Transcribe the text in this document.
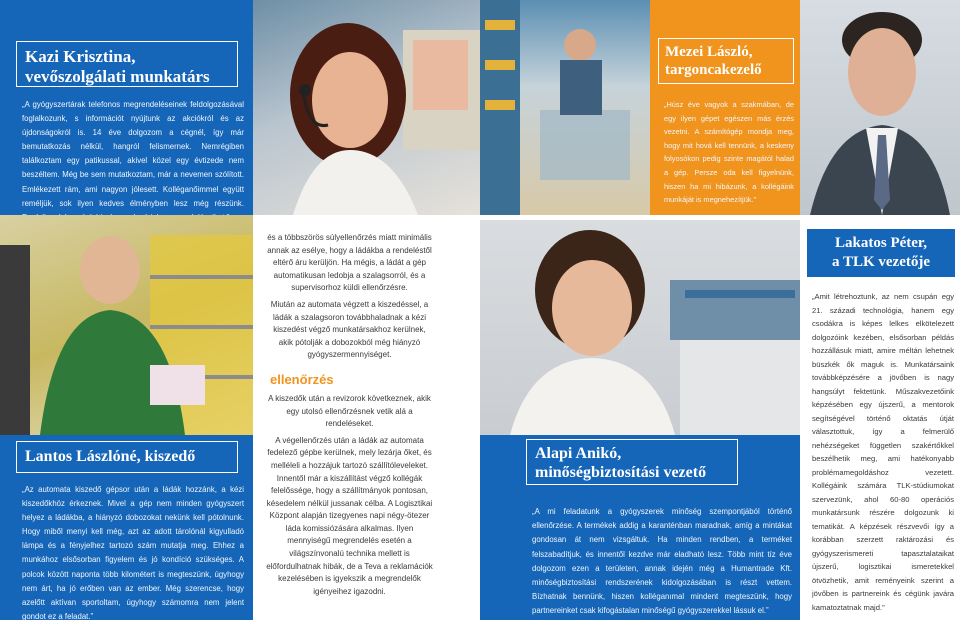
Kazi Krisztina,
vevőszolgálati munkatárs
„A gyógyszertárak telefonos megrendeléseinek feldolgozásával foglalkozunk, s információt nyújtunk az akciókról és az újdonságokról is. 14 éve dolgozom a cégnél, így már bemutatkozás nélkül, hangról felismernek. Nemrégiben találkoztam egy patikussal, akivel közel egy évtizede nem beszéltem. Még be sem mutatkoztam, már a nevemen szólított. Emlékezett rám, ami nagyon jólesett. Kolléganőimmel együtt reméljük, sok ilyen kedves élményben lesz még részünk.
Mezei László,
targoncakezelő
„Húsz éve vagyok a szakmában, de egy ilyen gépet egészen más érzés vezetni. A számítógép mondja meg, hogy mit hová kell tennünk, a keskeny folyosókon pedig szinte magától halad a gép. Persze oda kell figyelnünk, hiszen ha mi hibázunk, a kollégáink munkáját is megnehezítjük.”
Lantos Lászlóné, kiszedő
„Az automata kiszedő gépsor után a ládák hozzánk, a kézi kiszedőkhöz érkeznek. Mivel a gép nem minden gyógyszert helyez a ládákba, a hiányzó dobozokat nekünk kell pótolnunk. Hogy miből menyi kell még, azt az adott tárolónál kigyulladó lámpa és a fényjelhez tartozó szám mutatja meg. Ehhez a munkához elsősorban figyelem és jó kondíció szükséges. A polcok között naponta több kilométert is megteszünk, úgyhogy nem árt, ha jó erőben van az ember. Még szerencse, hogy azelőtt aktívan sportoltam, úgyhogy számomra nem jelent gondot ez a feladat.”

és a többszörös súlyellenőrzés miatt minimális annak az esélye, hogy a ládákba a rendeléstől eltérő áru kerüljön. Ha mégis, a ládát a gép automatikusan ledobja a szalagsorról, és a supervisorhoz küldi ellenőrzésre.

Miután az automata végzett a kiszedéssel, a ládák a szalagsoron továbbhaladnak a kézi kiszedést végző munkatársakhoz kerülnek, akik pótolják a dobozokból még hiányzó gyógyszermennyiséget.

ellenőrzés

A kiszedők után a revizorok következnek, akik egy utolsó ellenőrzésnek vetik alá a rendeléseket.

A végellenőrzés után a ládák az automata fedelező gépbe kerülnek, mely lezárja őket, és melléleli a hozzájuk tartozó szállítóleveleket. Innentől már a kiszállítást végző kollégák felelőssége, hogy a szállítmányok pontosan, késedelem nélkül jussanak célba. A Logisztikai Központ alapján tizegyenes napi négy-ötezer láda komissiózására alkalmas. Ilyen mennyiségű megrendelés esetén a világszínvonalú technika mellett is előfordulhatnak hibák, de a Teva a reklamációk kezelésében is igyekszik a megrendelők igényeihez igazodni.

Alapi Anikó,
minőségbiztosítási vezető
„A mi feladatunk a gyógyszerek minőség szempontjából történő ellenőrzése. A termékek addig a karanténban maradnak, amíg a mintákat gondosan át nem vizsgáltuk. Ha minden rendben, a terméket felszabadítjuk, és innentől kezdve már eladható lesz. Több mint tíz éve dolgozom ezen a területen, annak idején még a Humantrade Kft. minőségbiztosítási rendszerének kidolgozásában is részt vettem. Bízhatnak bennünk, hiszen kolléganımal mindent megteszünk, hogy partnereinket csak kifogástalan minőségű gyógyszerekkel lássuk el.”
Lakatos Péter,
a TLK vezetője
„Amit létrehoztunk, az nem csupán egy 21. századi technológia, hanem egy csodákra is képes lelkes elkötelezett dolgozóink kezében, elsősorban példás hozzállásuk miatt, amire méltán lehetnek büszkék ők maguk is. Munkatársaink továbbképzésére a jövőben is nagy hangsúlyt fektetünk. Műszakvezetőink képzésében egy újszerű, a mentorok segítségével történő oktatás útját választottuk, így a felmerülő nehézségeket független szakértőkkel beszélhetik meg, ami hatékonyabb problémamegoldáshoz vezetett. Kollégáink számára TLK-stúdiumokat szervezünk, ahol 60-80 operációs munkatársunk részére dolgozunk ki tematikát. A képzések részvevői így a korábban szerzett raktározási és gyógyszerismereti tapasztalataikat újszerű, logisztikai ismeretekkel ötvözhetik, amit reményeink szerint a jövőben is partnereink és cégünk javára kamatoztatnak majd.”
